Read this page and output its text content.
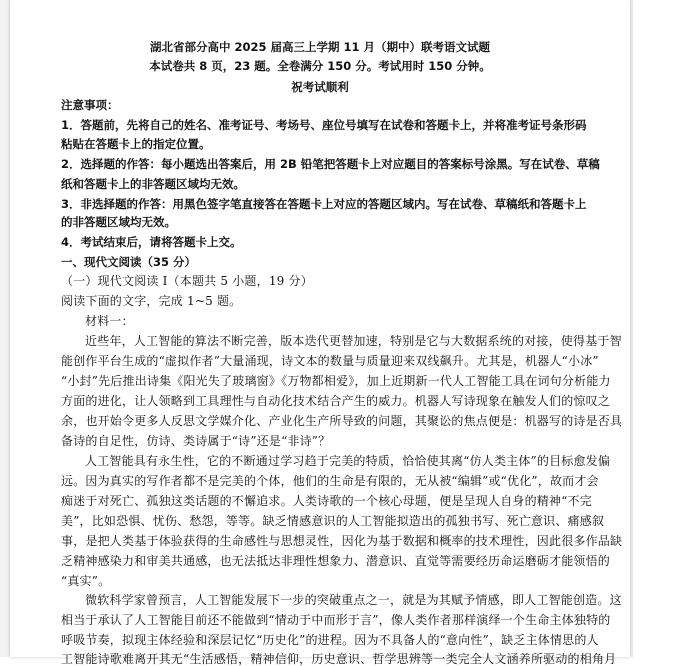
湖北省部分高中 2025 届高三上学期 11 月（期中）联考语文试题
本试卷共 8 页，23 题。全卷满分 150 分。考试用时 150 分钟。
祝考试顺利
注意事项：
1．答题前，先将自己的姓名、准考证号、考场号、座位号填写在试卷和答题卡上，并将准考证号条形码
粘贴在答题卡上的指定位置。
2．选择题的作答：每小题选出答案后，用 2B 铅笔把答题卡上对应题目的答案标号涂黑。写在试卷、草稿
纸和答题卡上的非答题区域均无效。
3．非选择题的作答：用黑色签字笔直接答在答题卡上对应的答题区域内。写在试卷、草稿纸和答题卡上
的非答题区域均无效。
4．考试结束后，请将答题卡上交。
一、现代文阅读（35 分）
（一）现代文阅读 I（本题共 5 小题，19 分）
阅读下面的文字，完成 1~5 题。
材料一：
近些年，人工智能的算法不断完善，版本迭代更替加速，特别是它与大数据系统的对接，使得基于智
能创作平台生成的“虚拟作者”大量涌现，诗文本的数量与质量迎来双线飙升。尤其是，机器人“小冰”
“小封”先后推出诗集《阳光失了玻璃窗》《万物都相爱》，加上近期新一代人工智能工具在词句分析能力
方面的进化，让人领略到工具理性与自动化技术结合产生的威力。机器人写诗现象在触发人们的惊叹之
余，也开始令更多人反思文学媒介化、产业化生产所导致的问题，其聚讼的焦点便是：机器写的诗是否具
备诗的自足性，仿诗、类诗属于“诗”还是“非诗”？
人工智能具有永生性，它的不断通过学习趋于完美的特质，恰恰使其离“仿人类主体”的目标愈发偏
远。因为真实的写作者都不是完美的个体，他们的生命是有限的，无从被“编辑”或“优化”，故而才会
痴迷于对死亡、孤独这类话题的不懈追求。人类诗歌的一个核心母题，便是呈现人自身的精神“不完
美”，比如恐惧、忧伤、愁怨，等等。缺乏情感意识的人工智能拟造出的孤独书写、死亡意识、痛感叙
事，是把人类基于体验获得的生命感性与思想灵性，因化为基于数据和概率的技术理性，因此很多作品缺
乏精神感染力和审美共通感，也无法抵达非理性想象力、潜意识、直觉等需要经历命运磨砺才能领悟的
“真实”。
微软科学家曾预言，人工智能发展下一步的突破重点之一，就是为其赋予情感，即人工智能创造。这
相当于承认了人工智能目前还不能做到“情动于中而形于言”，像人类作者那样演绎一个生命主体独特的
呼吸节奏，拟现主体经验和深层记忆“历史化”的进程。因为不具备人的“意向性”，缺乏主体情思的人
工智能诗歌难离开其无“生活感悟，精神信仰，历史意识、哲学思辨等一类完全人文涵养所驱动的相角月
